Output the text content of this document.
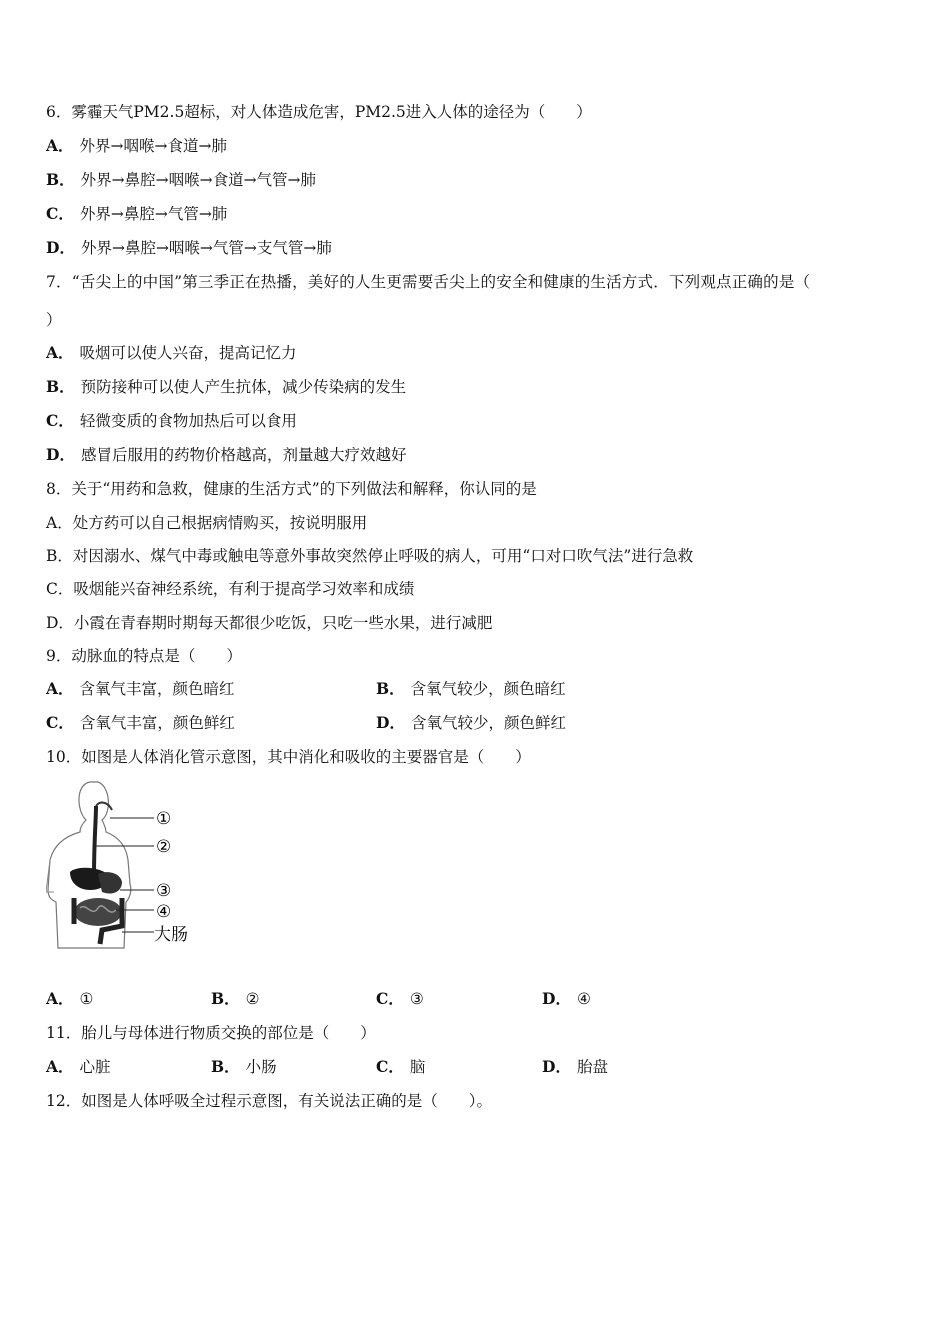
6．雾霾天气PM2.5超标，对人体造成危害，PM2.5进入人体的途径为（　　）
A． 外界→咽喉→食道→肺
B． 外界→鼻腔→咽喉→食道→气管→肺
C． 外界→鼻腔→气管→肺
D． 外界→鼻腔→咽喉→气管→支气管→肺
7．“舌尖上的中国”第三季正在热播，美好的人生更需要舌尖上的安全和健康的生活方式．下列观点正确的是（
）
A． 吸烟可以使人兴奋，提高记忆力
B． 预防接种可以使人产生抗体，减少传染病的发生
C． 轻微变质的食物加热后可以食用
D． 感冒后服用的药物价格越高，剂量越大疗效越好
8．关于“用药和急救，健康的生活方式”的下列做法和解释，你认同的是
A．处方药可以自己根据病情购买，按说明服用
B．对因溺水、煤气中毒或触电等意外事故突然停止呼吸的病人，可用“口对口吹气法”进行急救
C．吸烟能兴奋神经系统，有利于提高学习效率和成绩
D．小霞在青春期时期每天都很少吃饭，只吃一些水果，进行减肥
9．动脉血的特点是（　　）
A． 含氧气丰富，颜色暗红	B． 含氧气较少，颜色暗红
C． 含氧气丰富，颜色鲜红	D． 含氧气较少，颜色鲜红
10．如图是人体消化管示意图，其中消化和吸收的主要器官是（　　）
①
②
③
④
大肠
A． ①	B． ②	C． ③	D． ④
11．胎儿与母体进行物质交换的部位是（　　）
A． 心脏	B． 小肠	C． 脑	D． 胎盘
12．如图是人体呼吸全过程示意图，有关说法正确的是（　　）。
